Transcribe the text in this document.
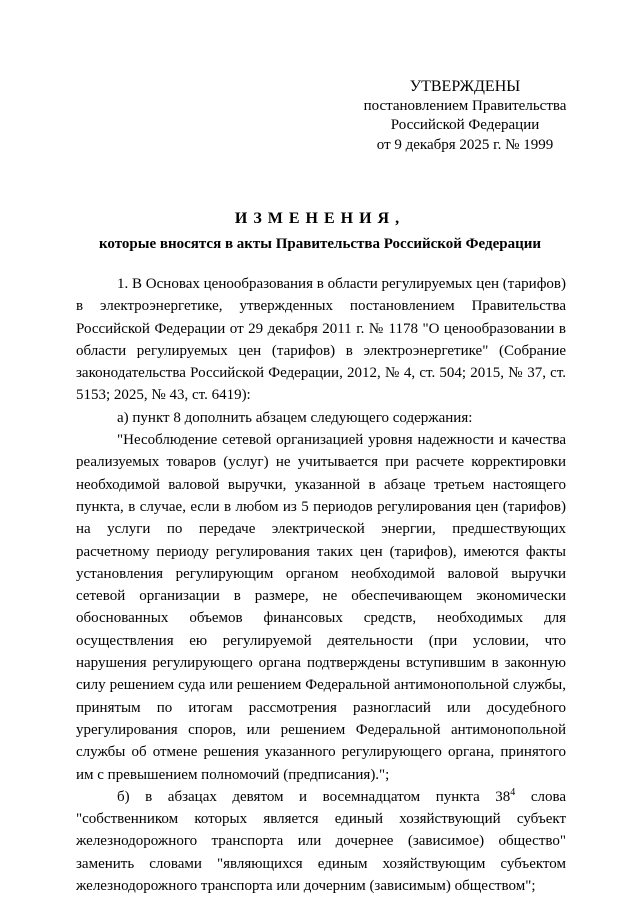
УТВЕРЖДЕНЫ
постановлением Правительства
Российской Федерации
от 9 декабря 2025 г. № 1999
ИЗМЕНЕНИЯ,
которые вносятся в акты Правительства Российской Федерации

1. В Основах ценообразования в области регулируемых цен (тарифов) в электроэнергетике, утвержденных постановлением Правительства Российской Федерации от 29 декабря 2011 г. № 1178 "О ценообразовании в области регулируемых цен (тарифов) в электроэнергетике" (Собрание законодательства Российской Федерации, 2012, № 4, ст. 504; 2015, № 37, ст. 5153; 2025, № 43, ст. 6419):

а) пункт 8 дополнить абзацем следующего содержания:

"Несоблюдение сетевой организацией уровня надежности и качества реализуемых товаров (услуг) не учитывается при расчете корректировки необходимой валовой выручки, указанной в абзаце третьем настоящего пункта, в случае, если в любом из 5 периодов регулирования цен (тарифов) на услуги по передаче электрической энергии, предшествующих расчетному периоду регулирования таких цен (тарифов), имеются факты установления регулирующим органом необходимой валовой выручки сетевой организации в размере, не обеспечивающем экономически обоснованных объемов финансовых средств, необходимых для осуществления ею регулируемой деятельности (при условии, что нарушения регулирующего органа подтверждены вступившим в законную силу решением суда или решением Федеральной антимонопольной службы, принятым по итогам рассмотрения разногласий или досудебного урегулирования споров, или решением Федеральной антимонопольной службы об отмене решения указанного регулирующего органа, принятого им с превышением полномочий (предписания).";

б) в абзацах девятом и восемнадцатом пункта $38^4$ слова "собственником которых является единый хозяйствующий субъект железнодорожного транспорта или дочернее (зависимое) общество" заменить словами "являющихся единым хозяйствующим субъектом железнодорожного транспорта или дочерним (зависимым) обществом";
